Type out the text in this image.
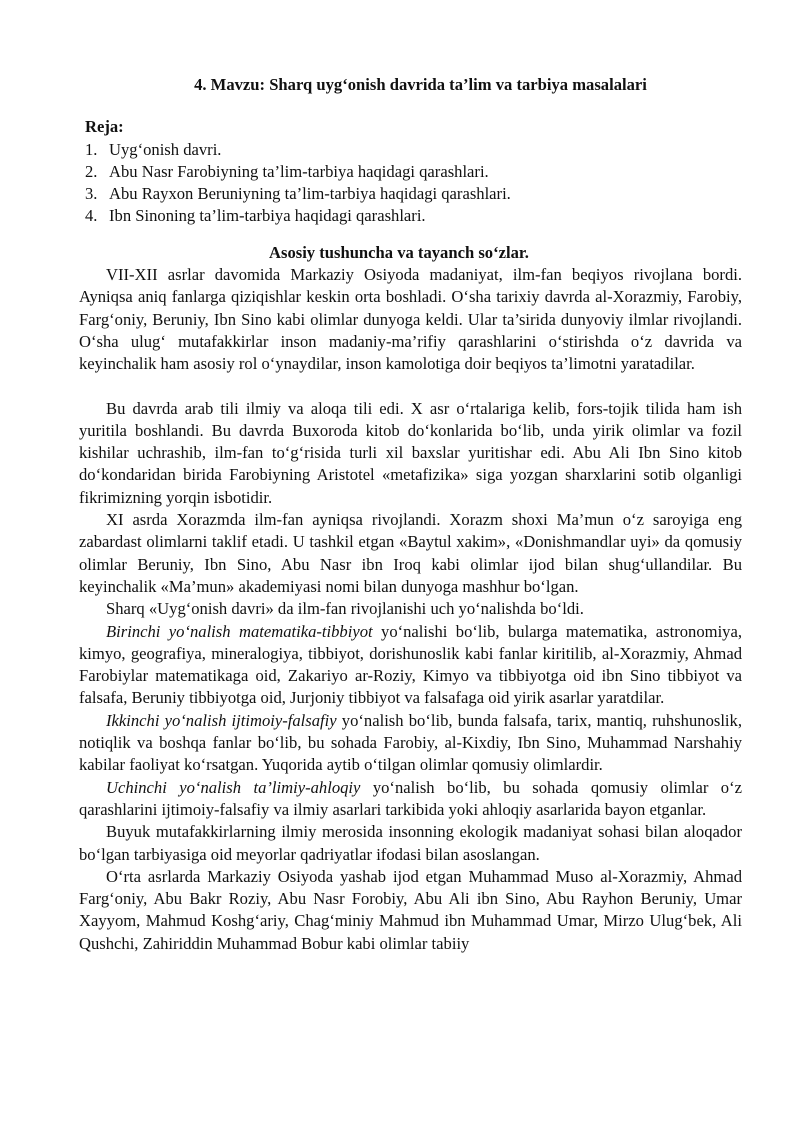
4. Mavzu: Sharq uyg‘onish davrida ta’lim va tarbiya masalalari
Reja:
1. Uyg‘onish davri.
2. Abu Nasr Farobiyning ta’lim-tarbiya haqidagi qarashlari.
3. Abu Rayxon Beruniyning ta’lim-tarbiya haqidagi qarashlari.
4. Ibn Sinoning ta’lim-tarbiya haqidagi qarashlari.
Asosiy tushuncha va tayanch so‘zlar.

VII-XII asrlar davomida Markaziy Osiyoda madaniyat, ilm-fan beqiyos rivojlana bordi. Ayniqsa aniq fanlarga qiziqishlar keskin orta boshladi. O‘sha tarixiy davrda al-Xorazmiy, Farobiy, Farg‘oniy, Beruniy, Ibn Sino kabi olimlar dunyoga keldi. Ular ta’sirida dunyoviy ilmlar rivojlandi. O‘sha ulug‘ mutafakkirlar inson madaniy-ma’rifiy qarashlarini o‘stirishda o‘z davrida va keyinchalik ham asosiy rol o‘ynaydilar, inson kamolotiga doir beqiyos ta’limotni yaratadilar.

Bu davrda arab tili ilmiy va aloqa tili edi. X asr o‘rtalariga kelib, fors-tojik tilida ham ish yuritila boshlandi. Bu davrda Buxoroda kitob do‘konlarida bo‘lib, unda yirik olimlar va fozil kishilar uchrashib, ilm-fan to‘g‘risida turli xil baxslar yuritishar edi. Abu Ali Ibn Sino kitob do‘kondaridan birida Farobiyning Aristotel «metafizika» siga yozgan sharxlarini sotib olganligi fikrimizning yorqin isbotidir.

XI asrda Xorazmda ilm-fan ayniqsa rivojlandi. Xorazm shoxi Ma’mun o‘z saroyiga eng zabardast olimlarni taklif etadi. U tashkil etgan «Baytul xakim», «Donishmandlar uyi» da qomusiy olimlar Beruniy, Ibn Sino, Abu Nasr ibn Iroq kabi olimlar ijod bilan shug‘ullandilar. Bu keyinchalik «Ma’mun» akademiyasi nomi bilan dunyoga mashhur bo‘lgan.

Sharq «Uyg‘onish davri» da ilm-fan rivojlanishi uch yo‘nalishda bo‘ldi.

Birinchi yo‘nalish matematika-tibbiyot yo‘nalishi bo‘lib, bularga matematika, astronomiya, kimyo, geografiya, mineralogiya, tibbiyot, dorishunoslik kabi fanlar kiritilib, al-Xorazmiy, Ahmad Farobiylar matematikaga oid, Zakariyo ar-Roziy, Kimyo va tibbiyotga oid ibn Sino tibbiyot va falsafa, Beruniy tibbiyotga oid, Jurjoniy tibbiyot va falsafaga oid yirik asarlar yaratdilar.

Ikkinchi yo‘nalish ijtimoiy-falsafiy yo‘nalish bo‘lib, bunda falsafa, tarix, mantiq, ruhshunoslik, notiqlik va boshqa fanlar bo‘lib, bu sohada Farobiy, al-Kixdiy, Ibn Sino, Muhammad Narshahiy kabilar faoliyat ko‘rsatgan. Yuqorida aytib o‘tilgan olimlar qomusiy olimlardir.

Uchinchi yo‘nalish ta’limiy-ahloqiy yo‘nalish bo‘lib, bu sohada qomusiy olimlar o‘z qarashlarini ijtimoiy-falsafiy va ilmiy asarlari tarkibida yoki ahloqiy asarlarida bayon etganlar.

Buyuk mutafakkirlarning ilmiy merosida insonning ekologik madaniyat sohasi bilan aloqador bo‘lgan tarbiyasiga oid meyorlar qadriyatlar ifodasi bilan asoslangan.

O‘rta asrlarda Markaziy Osiyoda yashab ijod etgan Muhammad Muso al-Xorazmiy, Ahmad Farg‘oniy, Abu Bakr Roziy, Abu Nasr Forobiy, Abu Ali ibn Sino, Abu Rayhon Beruniy, Umar Xayyom, Mahmud Koshg‘ariy, Chag‘miniy Mahmud ibn Muhammad Umar, Mirzo Ulug‘bek, Ali Qushchi, Zahiriddin Muhammad Bobur kabi olimlar tabiiy
